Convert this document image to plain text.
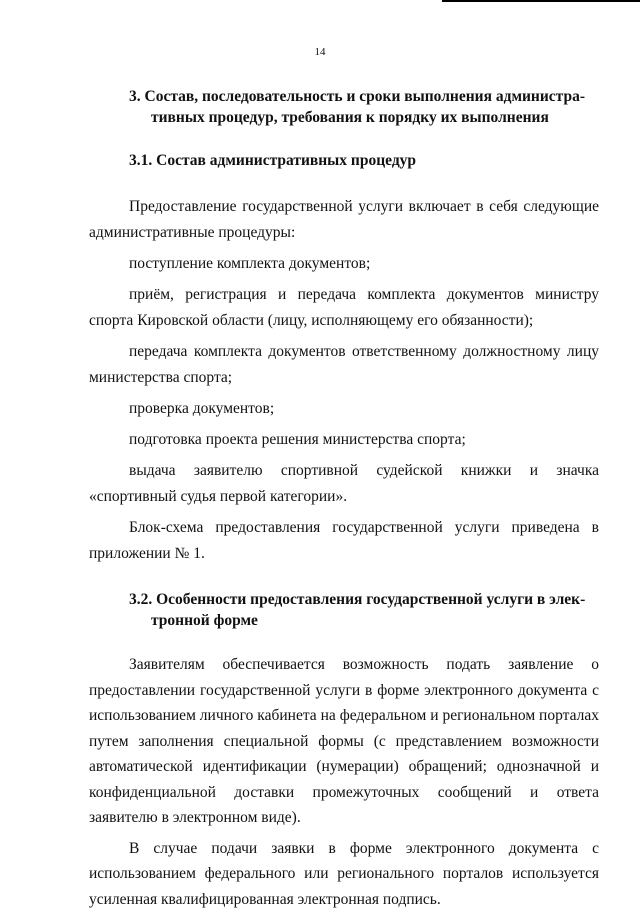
14
3. Состав, последовательность и сроки выполнения администра-
тивных процедур, требования к порядку их выполнения
3.1. Состав административных процедур

Предоставление государственной услуги включает в себя следующие административные процедуры:

поступление комплекта документов;

приём, регистрация и передача комплекта документов министру спорта Кировской области (лицу, исполняющему его обязанности);

передача комплекта документов ответственному должностному лицу министерства спорта;

проверка документов;

подготовка проекта решения министерства спорта;

выдача заявителю спортивной судейской книжки и значка «спортивный судья первой категории».

Блок-схема предоставления государственной услуги приведена в приложении № 1.

3.2. Особенности предоставления государственной услуги в элек-
тронной форме

Заявителям обеспечивается возможность подать заявление о предоставлении государственной услуги в форме электронного документа с использованием личного кабинета на федеральном и региональном порталах путем заполнения специальной формы (с представлением возможности автоматической идентификации (нумерации) обращений; однозначной и конфиденциальной доставки промежуточных сообщений и ответа заявителю в электронном виде).

В случае подачи заявки в форме электронного документа с использованием федерального или регионального порталов используется усиленная квалифицированная электронная подпись.
